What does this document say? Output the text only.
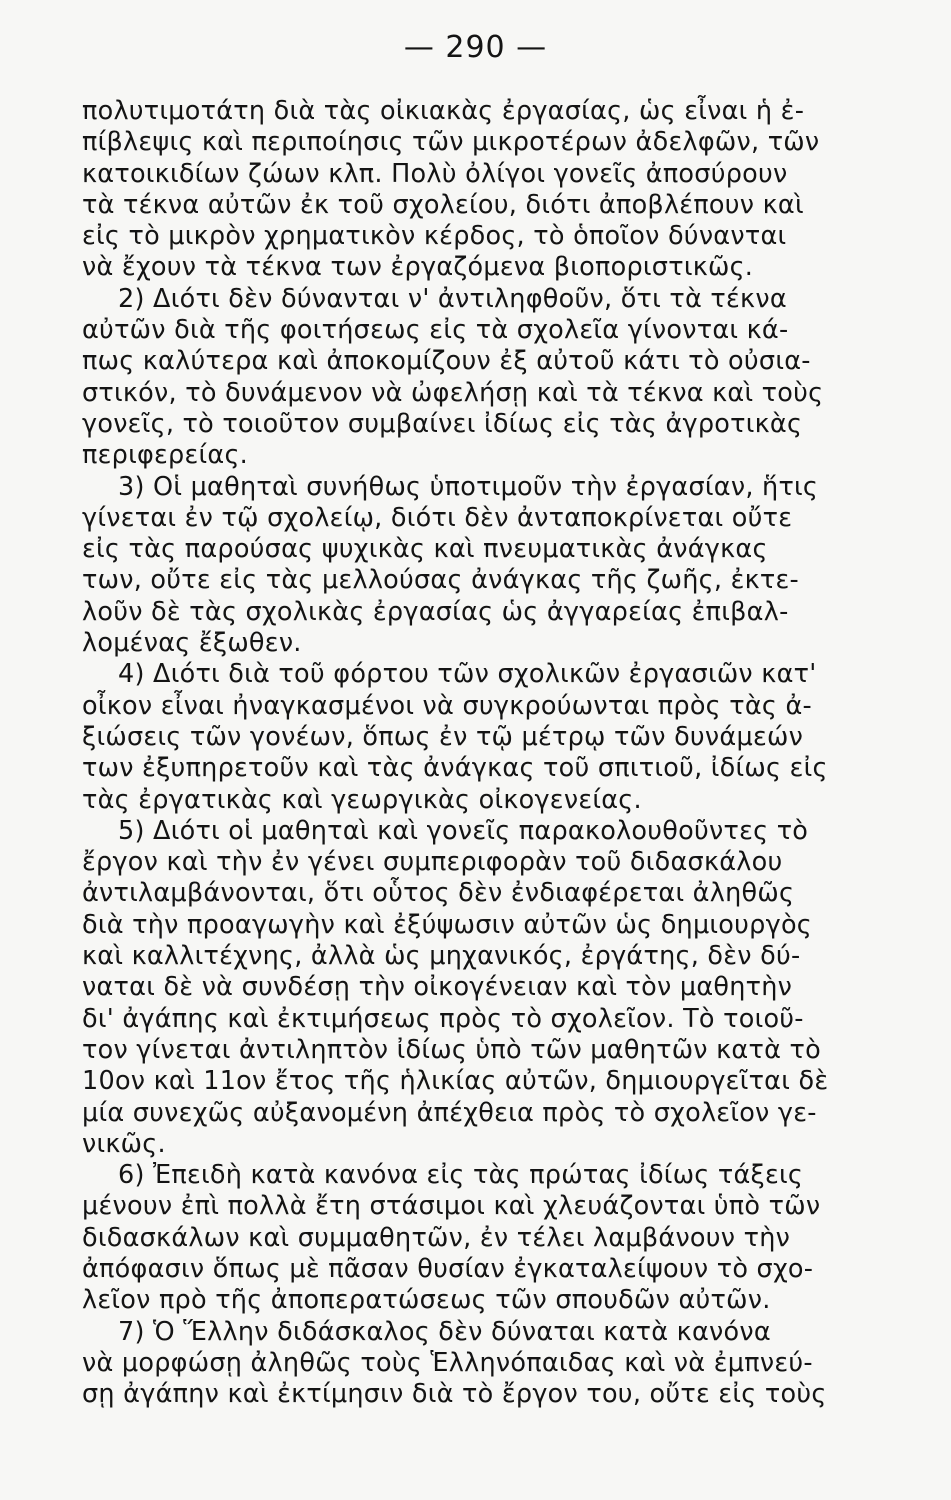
— 290 —
πολυτιμοτάτη διὰ τὰς οἰκιακὰς ἐργασίας, ὡς εἶναι ἡ ἐ-
πίβλεψις καὶ περιποίησις τῶν μικροτέρων ἀδελφῶν, τῶν
κατοικιδίων ζώων κλπ. Πολὺ ὀλίγοι γονεῖς ἀποσύρουν
τὰ τέκνα αὐτῶν ἐκ τοῦ σχολείου, διότι ἀποβλέπουν καὶ
εἰς τὸ μικρὸν χρηματικὸν κέρδος, τὸ ὁποῖον δύνανται
νὰ ἔχουν τὰ τέκνα των ἐργαζόμενα βιοποριστικῶς.
2) Διότι δὲν δύνανται ν' ἀντιληφθοῦν, ὅτι τὰ τέκνα
αὐτῶν διὰ τῆς φοιτήσεως εἰς τὰ σχολεῖα γίνονται κά-
πως καλύτερα καὶ ἀποκομίζουν ἐξ αὐτοῦ κάτι τὸ οὐσια-
στικόν, τὸ δυνάμενον νὰ ὠφελήσῃ καὶ τὰ τέκνα καὶ τοὺς
γονεῖς, τὸ τοιοῦτον συμβαίνει ἰδίως εἰς τὰς ἀγροτικὰς
περιφερείας.
3) Οἱ μαθηταὶ συνήθως ὑποτιμοῦν τὴν ἐργασίαν, ἥτις
γίνεται ἐν τῷ σχολείῳ, διότι δὲν ἀνταποκρίνεται οὔτε
εἰς τὰς παρούσας ψυχικὰς καὶ πνευματικὰς ἀνάγκας
των, οὔτε εἰς τὰς μελλούσας ἀνάγκας τῆς ζωῆς, ἐκτε-
λοῦν δὲ τὰς σχολικὰς ἐργασίας ὡς ἀγγαρείας ἐπιβαλ-
λομένας ἔξωθεν.
4) Διότι διὰ τοῦ φόρτου τῶν σχολικῶν ἐργασιῶν κατ'
οἶκον εἶναι ἠναγκασμένοι νὰ συγκρούωνται πρὸς τὰς ἀ-
ξιώσεις τῶν γονέων, ὅπως ἐν τῷ μέτρῳ τῶν δυνάμεών
των ἐξυπηρετοῦν καὶ τὰς ἀνάγκας τοῦ σπιτιοῦ, ἰδίως εἰς
τὰς ἐργατικὰς καὶ γεωργικὰς οἰκογενείας.
5) Διότι οἱ μαθηταὶ καὶ γονεῖς παρακολουθοῦντες τὸ
ἔργον καὶ τὴν ἐν γένει συμπεριφορὰν τοῦ διδασκάλου
ἀντιλαμβάνονται, ὅτι οὗτος δὲν ἐνδιαφέρεται ἀληθῶς
διὰ τὴν προαγωγὴν καὶ ἐξύψωσιν αὐτῶν ὡς δημιουργὸς
καὶ καλλιτέχνης, ἀλλὰ ὡς μηχανικός, ἐργάτης, δὲν δύ-
ναται δὲ νὰ συνδέσῃ τὴν οἰκογένειαν καὶ τὸν μαθητὴν
δι' ἀγάπης καὶ ἐκτιμήσεως πρὸς τὸ σχολεῖον. Τὸ τοιοῦ-
τον γίνεται ἀντιληπτὸν ἰδίως ὑπὸ τῶν μαθητῶν κατὰ τὸ
10ον καὶ 11ον ἔτος τῆς ἡλικίας αὐτῶν, δημιουργεῖται δὲ
μία συνεχῶς αὐξανομένη ἀπέχθεια πρὸς τὸ σχολεῖον γε-
νικῶς.
6) Ἐπειδὴ κατὰ κανόνα εἰς τὰς πρώτας ἰδίως τάξεις
μένουν ἐπὶ πολλὰ ἔτη στάσιμοι καὶ χλευάζονται ὑπὸ τῶν
διδασκάλων καὶ συμμαθητῶν, ἐν τέλει λαμβάνουν τὴν
ἀπόφασιν ὅπως μὲ πᾶσαν θυσίαν ἐγκαταλείψουν τὸ σχο-
λεῖον πρὸ τῆς ἀποπερατώσεως τῶν σπουδῶν αὐτῶν.
7) Ὁ Ἕλλην διδάσκαλος δὲν δύναται κατὰ κανόνα
νὰ μορφώσῃ ἀληθῶς τοὺς Ἑλληνόπαιδας καὶ νὰ ἐμπνεύ-
σῃ ἀγάπην καὶ ἐκτίμησιν διὰ τὸ ἔργον του, οὔτε εἰς τοὺς
